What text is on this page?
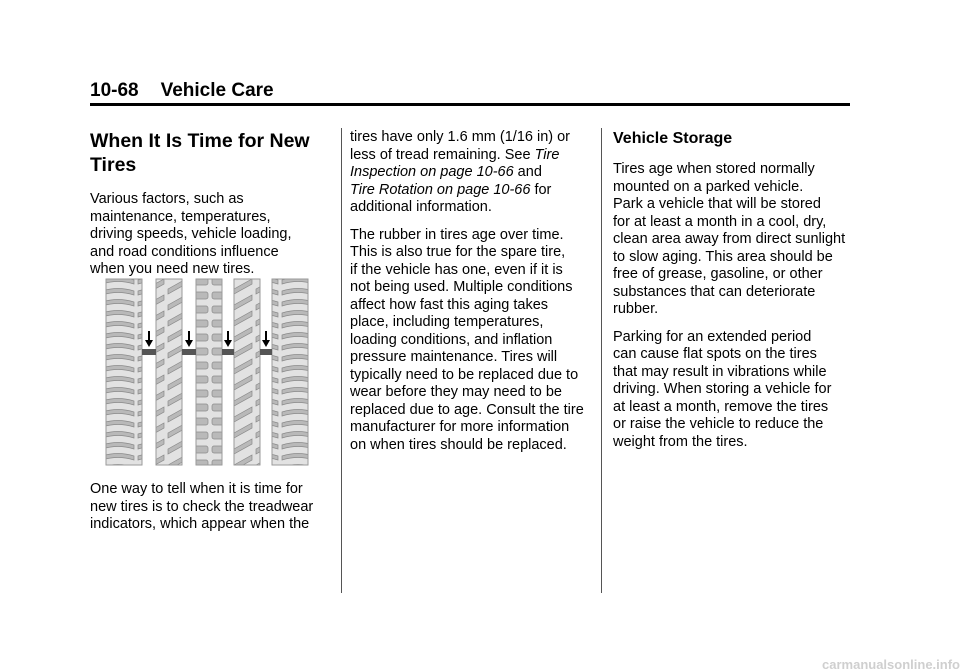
10-68 Vehicle Care
When It Is Time for New Tires

Various factors, such as
maintenance, temperatures,
driving speeds, vehicle loading,
and road conditions influence
when you need new tires.

One way to tell when it is time for
new tires is to check the treadwear
indicators, which appear when the

tires have only 1.6 mm (1/16 in) or
less of tread remaining. See Tire
Inspection on page 10-66 and
Tire Rotation on page 10-66 for
additional information.

The rubber in tires age over time.
This is also true for the spare tire,
if the vehicle has one, even if it is
not being used. Multiple conditions
affect how fast this aging takes
place, including temperatures,
loading conditions, and inflation
pressure maintenance. Tires will
typically need to be replaced due to
wear before they may need to be
replaced due to age. Consult the tire
manufacturer for more information
on when tires should be replaced.

Vehicle Storage

Tires age when stored normally
mounted on a parked vehicle.
Park a vehicle that will be stored
for at least a month in a cool, dry,
clean area away from direct sunlight
to slow aging. This area should be
free of grease, gasoline, or other
substances that can deteriorate
rubber.

Parking for an extended period
can cause flat spots on the tires
that may result in vibrations while
driving. When storing a vehicle for
at least a month, remove the tires
or raise the vehicle to reduce the
weight from the tires.

carmanualsonline.info
